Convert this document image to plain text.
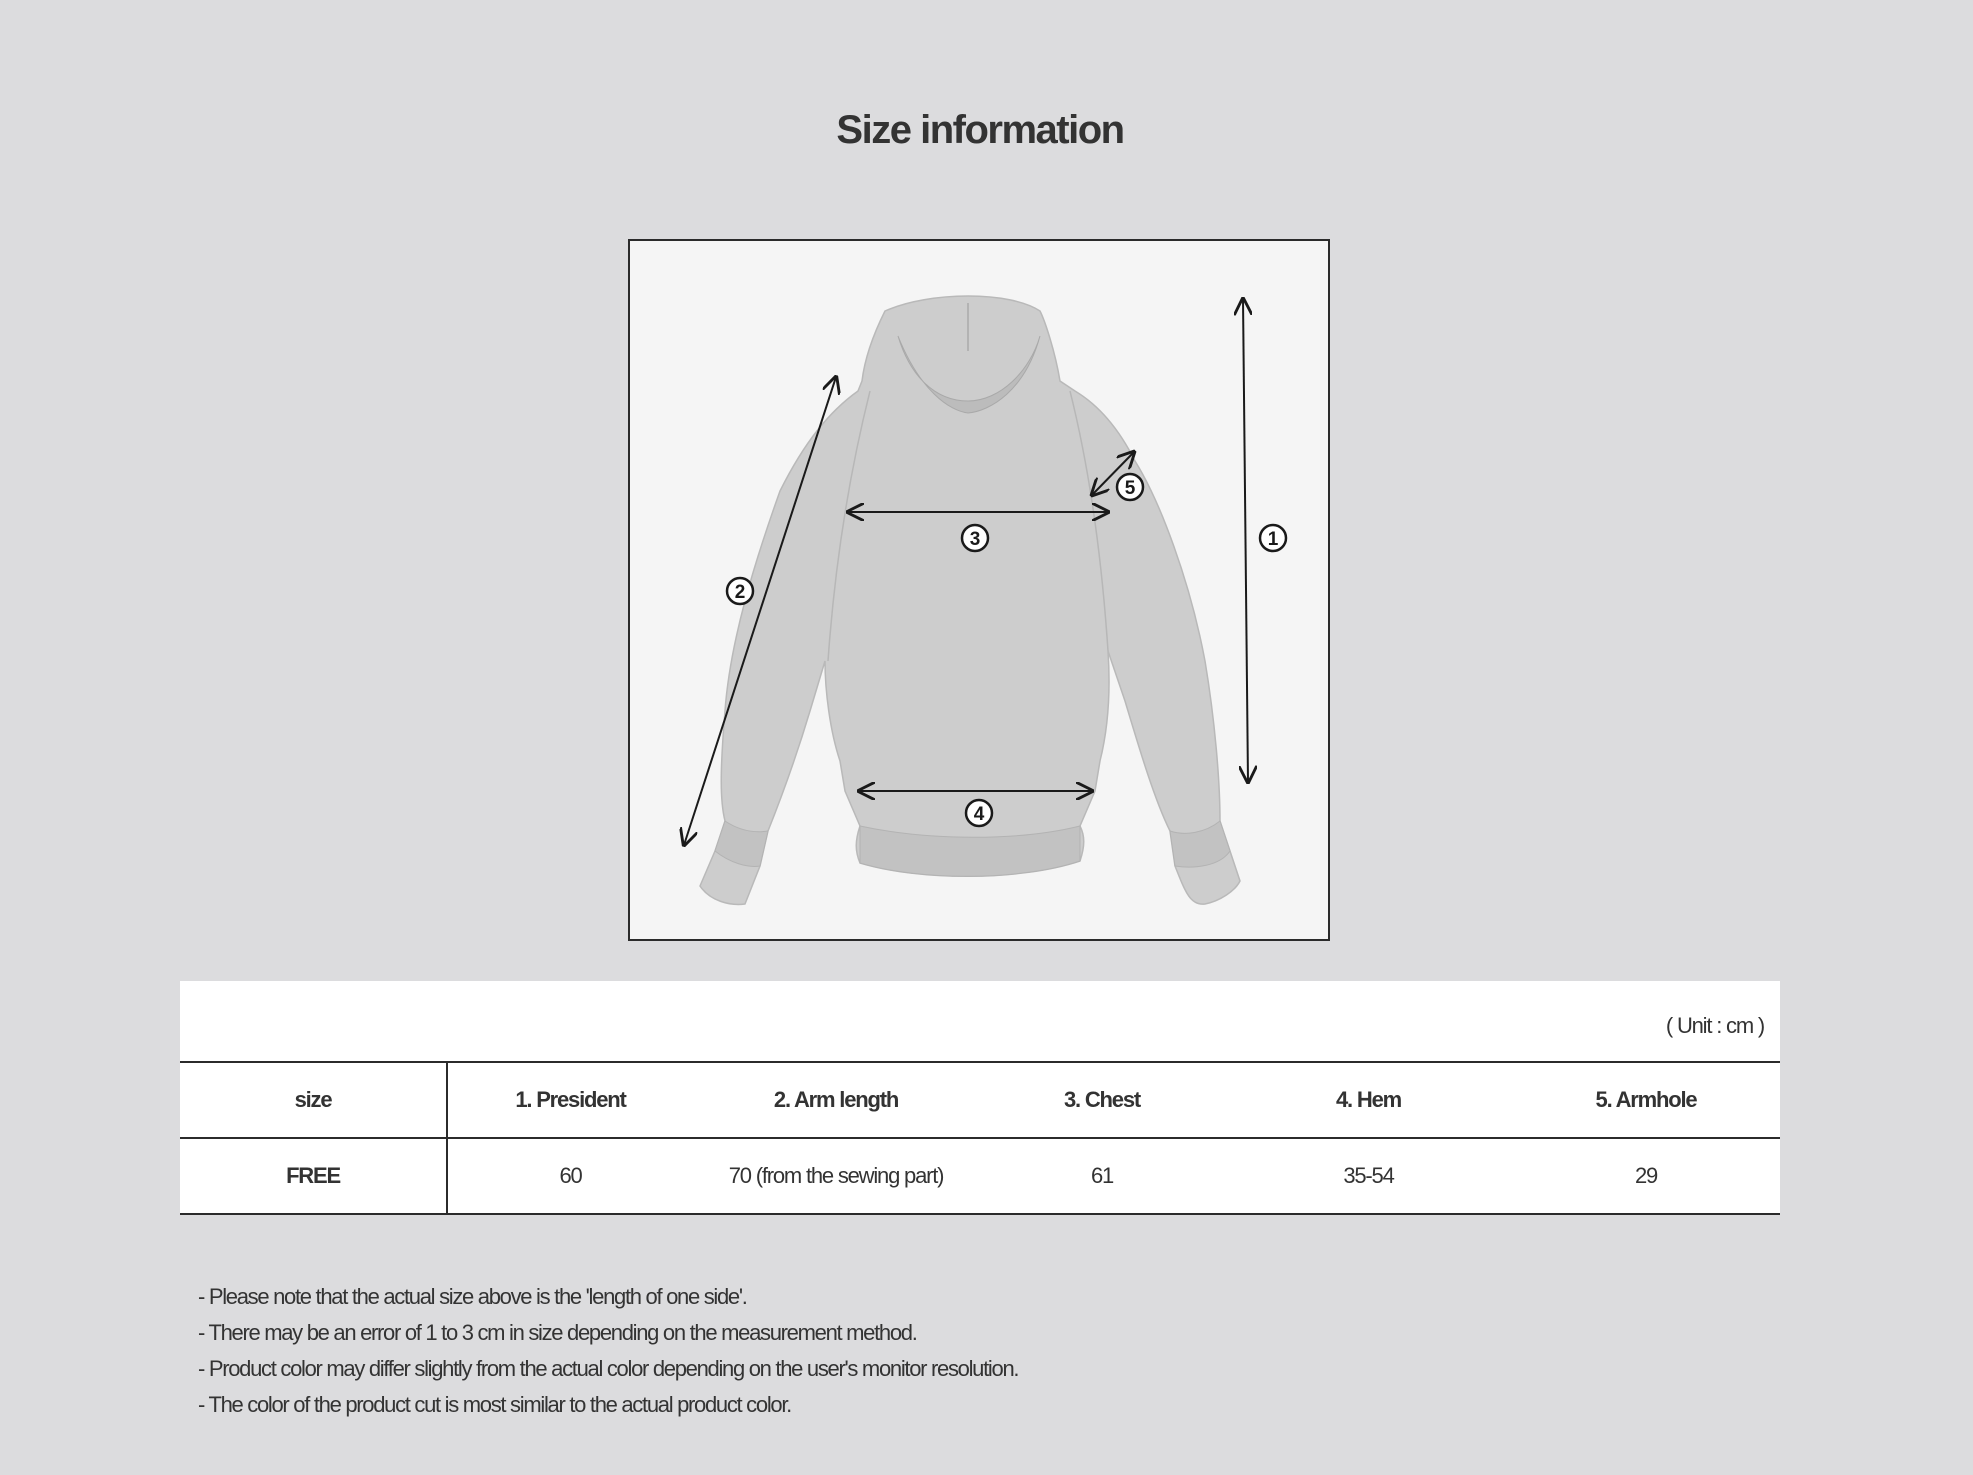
Size information
1
2
3
4
5
( Unit : cm )
size	1. President	2. Arm length	3. Chest	4. Hem	5. Armhole
FREE	60	70 (from the sewing part)	61	35-54	29
- Please note that the actual size above is the 'length of one side'.
- There may be an error of 1 to 3 cm in size depending on the measurement method.
- Product color may differ slightly from the actual color depending on the user's monitor resolution.
- The color of the product cut is most similar to the actual product color.
